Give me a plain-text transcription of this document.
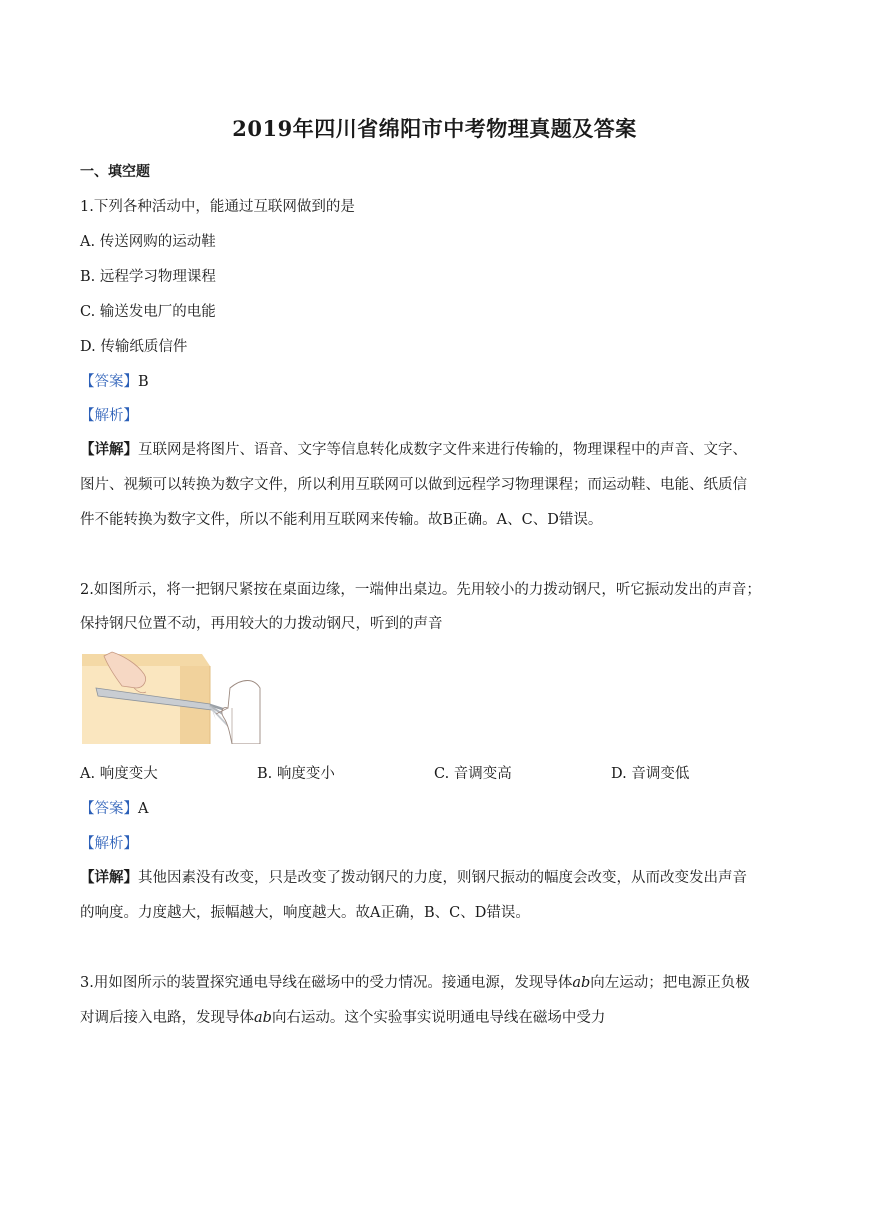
2019年四川省绵阳市中考物理真题及答案
一、填空题
1.下列各种活动中，能通过互联网做到的是
A. 传送网购的运动鞋
B. 远程学习物理课程
C. 输送发电厂的电能
D. 传输纸质信件
【答案】B
【解析】
【详解】互联网是将图片、语音、文字等信息转化成数字文件来进行传输的，物理课程中的声音、文字、
图片、视频可以转换为数字文件，所以利用互联网可以做到远程学习物理课程；而运动鞋、电能、纸质信
件不能转换为数字文件，所以不能利用互联网来传输。故B正确。A、C、D错误。
2.如图所示，将一把钢尺紧按在桌面边缘，一端伸出桌边。先用较小的力拨动钢尺，听它振动发出的声音；
保持钢尺位置不动，再用较大的力拨动钢尺，听到的声音
A. 响度变大	B. 响度变小	C. 音调变高	D. 音调变低
【答案】A
【解析】
【详解】其他因素没有改变，只是改变了拨动钢尺的力度，则钢尺振动的幅度会改变，从而改变发出声音
的响度。力度越大，振幅越大，响度越大。故A正确，B、C、D错误。
3.用如图所示的装置探究通电导线在磁场中的受力情况。接通电源，发现导体ab向左运动；把电源正负极
对调后接入电路，发现导体ab向右运动。这个实验事实说明通电导线在磁场中受力
